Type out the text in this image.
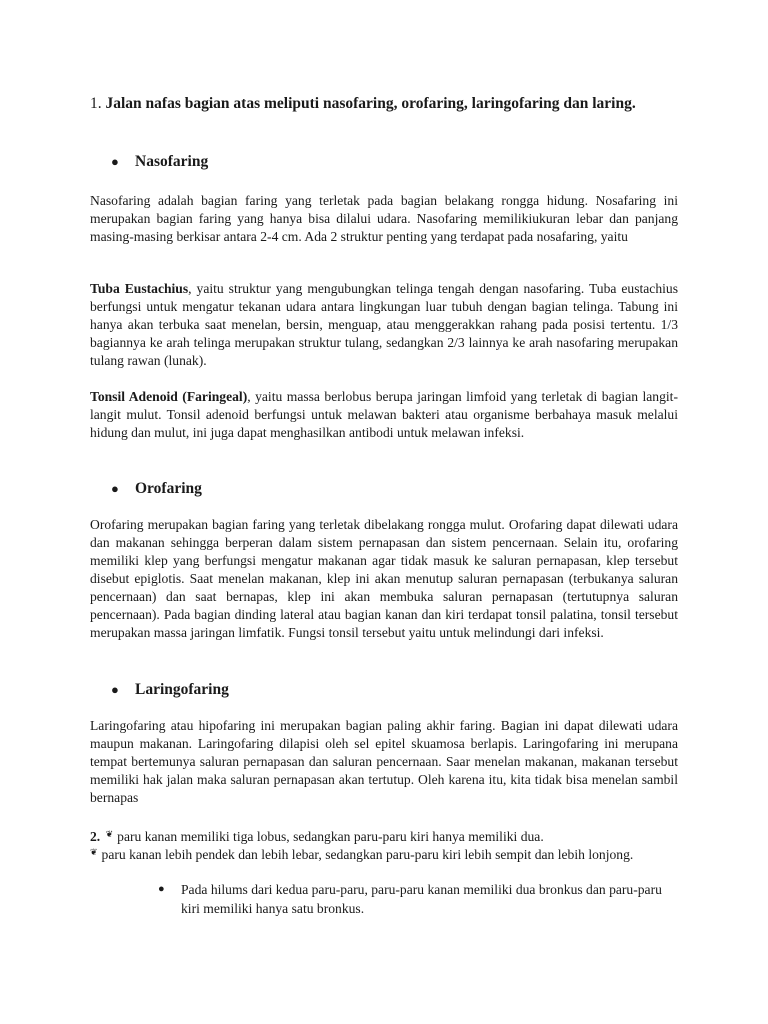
1. Jalan nafas bagian atas meliputi nasofaring, orofaring, laringofaring dan laring.
● Nasofaring
Nasofaring adalah bagian faring yang terletak pada bagian belakang rongga hidung. Nosafaring ini merupakan bagian faring yang hanya bisa dilalui udara. Nasofaring memilikiukuran lebar dan panjang masing-masing berkisar antara 2-4 cm. Ada 2 struktur penting yang terdapat pada nosafaring, yaitu
Tuba Eustachius, yaitu struktur yang mengubungkan telinga tengah dengan nasofaring. Tuba eustachius berfungsi untuk mengatur tekanan udara antara lingkungan luar tubuh dengan bagian telinga. Tabung ini hanya akan terbuka saat menelan, bersin, menguap, atau menggerakkan rahang pada posisi tertentu. 1/3 bagiannya ke arah telinga merupakan struktur tulang, sedangkan 2/3 lainnya ke arah nasofaring merupakan tulang rawan (lunak).
Tonsil Adenoid (Faringeal), yaitu massa berlobus berupa jaringan limfoid yang terletak di bagian langit-langit mulut. Tonsil adenoid berfungsi untuk melawan bakteri atau organisme berbahaya masuk melalui hidung dan mulut, ini juga dapat menghasilkan antibodi untuk melawan infeksi.
● Orofaring
Orofaring merupakan bagian faring yang terletak dibelakang rongga mulut. Orofaring dapat dilewati udara dan makanan sehingga berperan dalam sistem pernapasan dan sistem pencernaan. Selain itu, orofaring memiliki klep yang berfungsi mengatur makanan agar tidak masuk ke saluran pernapasan, klep tersebut disebut epiglotis. Saat menelan makanan, klep ini akan menutup saluran pernapasan (terbukanya saluran pencernaan) dan saat bernapas, klep ini akan membuka saluran pernapasan (tertutupnya saluran pencernaan). Pada bagian dinding lateral atau bagian kanan dan kiri terdapat tonsil palatina, tonsil tersebut merupakan massa jaringan limfatik. Fungsi tonsil tersebut yaitu untuk melindungi dari infeksi.
● Laringofaring
Laringofaring atau hipofaring ini merupakan bagian paling akhir faring. Bagian ini dapat dilewati udara maupun makanan. Laringofaring dilapisi oleh sel epitel skuamosa berlapis. Laringofaring ini merupana tempat bertemunya saluran pernapasan dan saluran pencernaan. Saar menelan makanan, makanan tersebut memiliki hak jalan maka saluran pernapasan akan tertutup. Oleh karena itu, kita tidak bisa menelan sambil bernapas
2. ❦ paru kanan memiliki tiga lobus, sedangkan paru-paru kiri hanya memiliki dua.
❦ paru kanan lebih pendek dan lebih lebar, sedangkan paru-paru kiri lebih sempit dan lebih lonjong.
● Pada hilums dari kedua paru-paru, paru-paru kanan memiliki dua bronkus dan paru-paru kiri memiliki hanya satu bronkus.
